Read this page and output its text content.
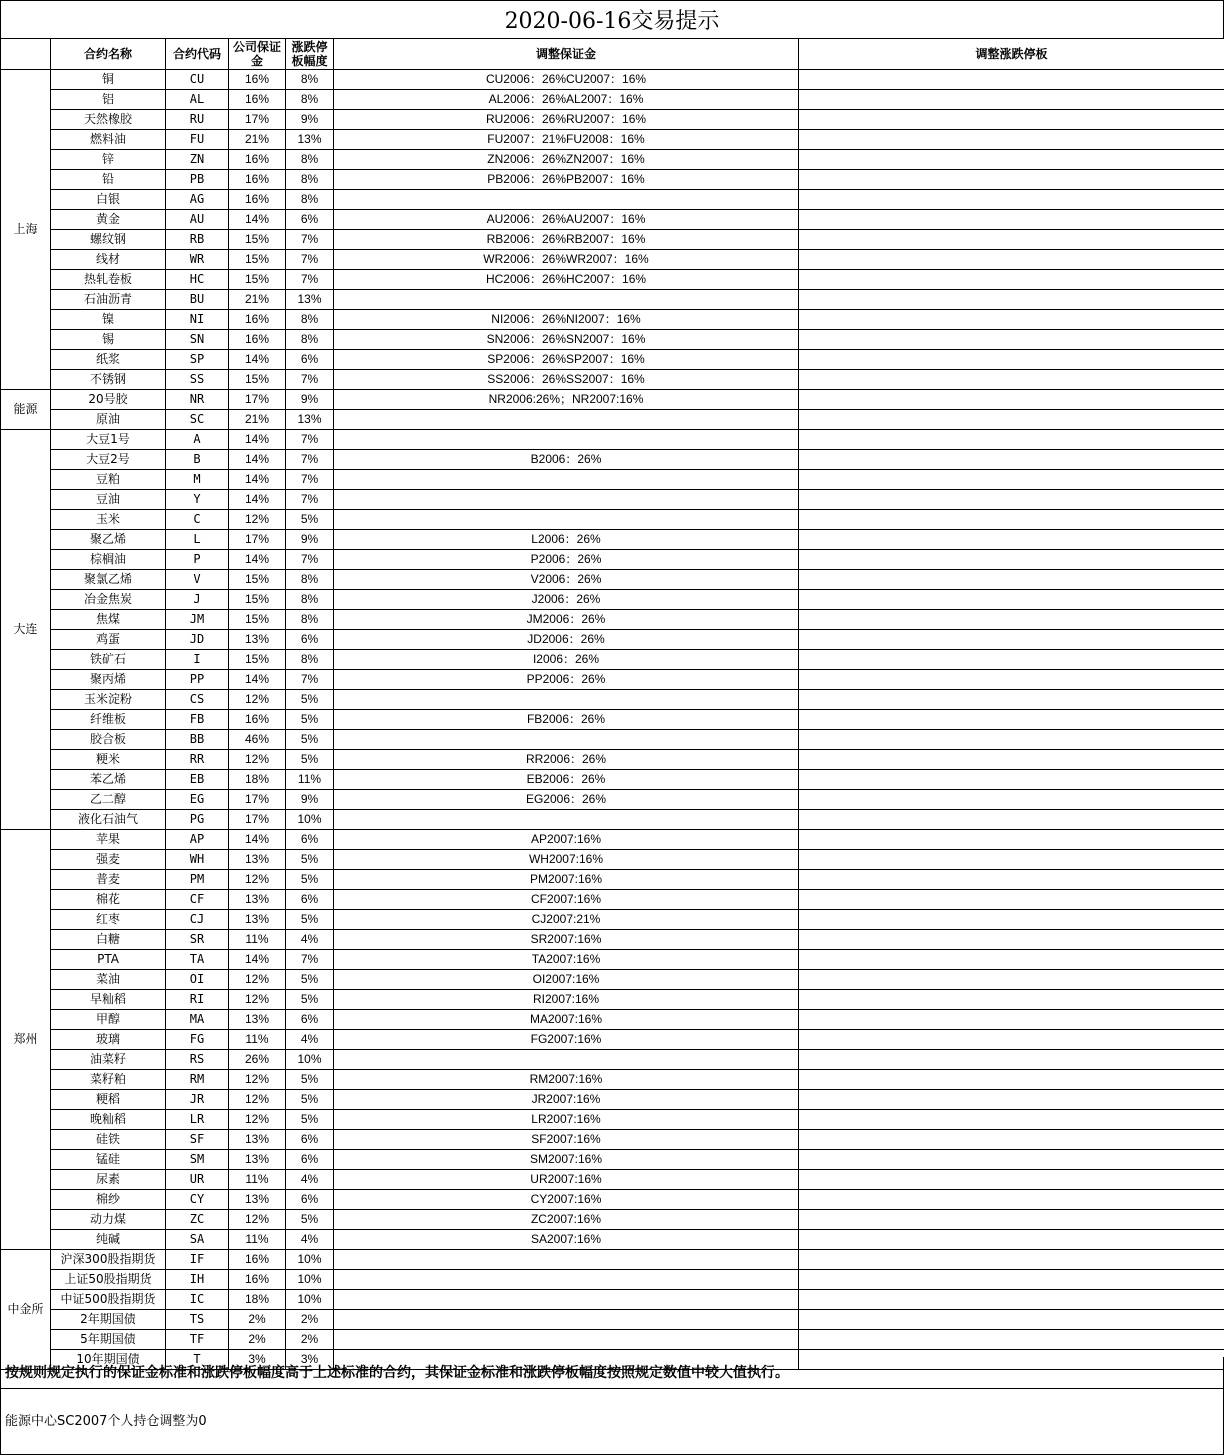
2020-06-16交易提示
	合约名称	合约代码	公司保证金	涨跌停板幅度	调整保证金	调整涨跌停板
上海	铜	CU	16%	8%	CU2006：26%CU2007：16%	
	铝	AL	16%	8%	AL2006：26%AL2007：16%	
	天然橡胶	RU	17%	9%	RU2006：26%RU2007：16%	
	燃料油	FU	21%	13%	FU2007：21%FU2008：16%	
	锌	ZN	16%	8%	ZN2006：26%ZN2007：16%	
	铅	PB	16%	8%	PB2006：26%PB2007：16%	
	白银	AG	16%	8%		
	黄金	AU	14%	6%	AU2006：26%AU2007：16%	
	螺纹钢	RB	15%	7%	RB2006：26%RB2007：16%	
	线材	WR	15%	7%	WR2006：26%WR2007：16%	
	热轧卷板	HC	15%	7%	HC2006：26%HC2007：16%	
	石油沥青	BU	21%	13%		
	镍	NI	16%	8%	NI2006：26%NI2007：16%	
	锡	SN	16%	8%	SN2006：26%SN2007：16%	
	纸浆	SP	14%	6%	SP2006：26%SP2007：16%	
	不锈钢	SS	15%	7%	SS2006：26%SS2007：16%	
能源	20号胶	NR	17%	9%	NR2006:26%；NR2007:16%	
	原油	SC	21%	13%		
大连	大豆1号	A	14%	7%		
	大豆2号	B	14%	7%	B2006：26%	
	豆粕	M	14%	7%		
	豆油	Y	14%	7%		
	玉米	C	12%	5%		
	聚乙烯	L	17%	9%	L2006：26%	
	棕榈油	P	14%	7%	P2006：26%	
	聚氯乙烯	V	15%	8%	V2006：26%	
	冶金焦炭	J	15%	8%	J2006：26%	
	焦煤	JM	15%	8%	JM2006：26%	
	鸡蛋	JD	13%	6%	JD2006：26%	
	铁矿石	I	15%	8%	I2006：26%	
	聚丙烯	PP	14%	7%	PP2006：26%	
	玉米淀粉	CS	12%	5%		
	纤维板	FB	16%	5%	FB2006：26%	
	胶合板	BB	46%	5%		
	粳米	RR	12%	5%	RR2006：26%	
	苯乙烯	EB	18%	11%	EB2006：26%	
	乙二醇	EG	17%	9%	EG2006：26%	
	液化石油气	PG	17%	10%		
郑州	苹果	AP	14%	6%	AP2007:16%	
	强麦	WH	13%	5%	WH2007:16%	
	普麦	PM	12%	5%	PM2007:16%	
	棉花	CF	13%	6%	CF2007:16%	
	红枣	CJ	13%	5%	CJ2007:21%	
	白糖	SR	11%	4%	SR2007:16%	
	PTA	TA	14%	7%	TA2007:16%	
	菜油	OI	12%	5%	OI2007:16%	
	早籼稻	RI	12%	5%	RI2007:16%	
	甲醇	MA	13%	6%	MA2007:16%	
	玻璃	FG	11%	4%	FG2007:16%	
	油菜籽	RS	26%	10%		
	菜籽粕	RM	12%	5%	RM2007:16%	
	粳稻	JR	12%	5%	JR2007:16%	
	晚籼稻	LR	12%	5%	LR2007:16%	
	硅铁	SF	13%	6%	SF2007:16%	
	锰硅	SM	13%	6%	SM2007:16%	
	尿素	UR	11%	4%	UR2007:16%	
	棉纱	CY	13%	6%	CY2007:16%	
	动力煤	ZC	12%	5%	ZC2007:16%	
	纯碱	SA	11%	4%	SA2007:16%	
中金所	沪深300股指期货	IF	16%	10%		
	上证50股指期货	IH	16%	10%		
	中证500股指期货	IC	18%	10%		
	2年期国债	TS	2%	2%		
	5年期国债	TF	2%	2%		
	10年期国债	T	3%	3%		
按规则规定执行的保证金标准和涨跌停板幅度高于上述标准的合约，其保证金标准和涨跌停板幅度按照规定数值中较大值执行。
能源中心SC2007个人持仓调整为0
